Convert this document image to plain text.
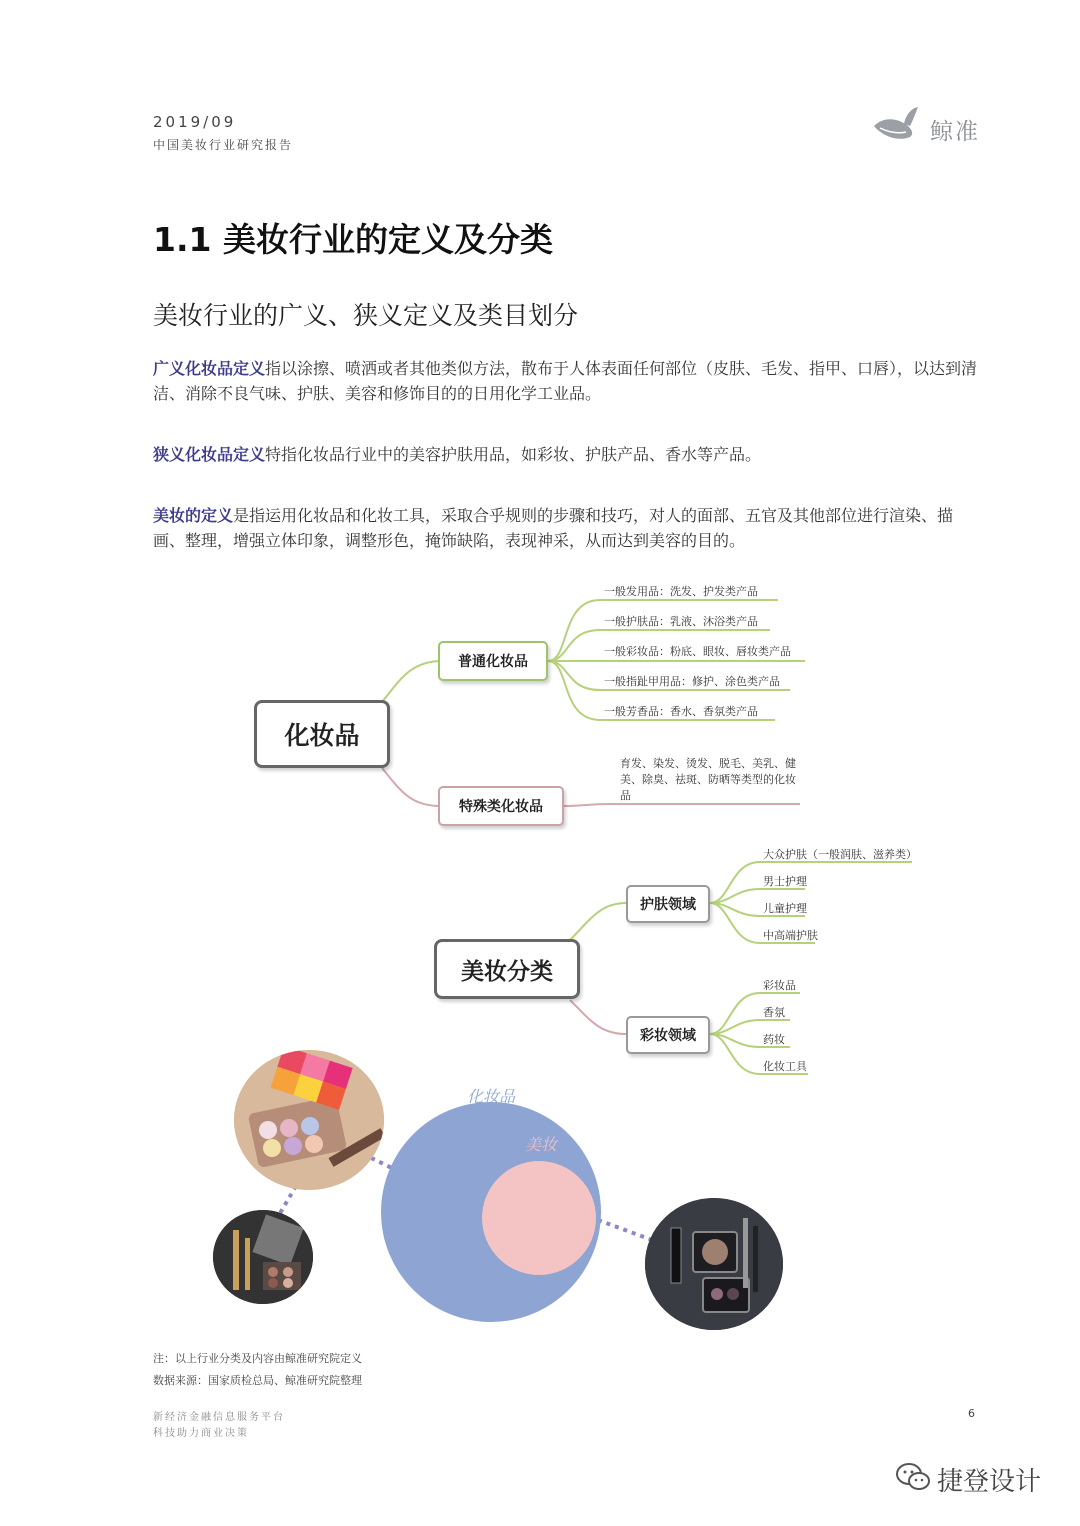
2019/09
中国美妆行业研究报告	鲸准
1.1 美妆行业的定义及分类
美妆行业的广义、狭义定义及类目划分
广义化妆品定义指以涂擦、喷洒或者其他类似方法，散布于人体表面任何部位（皮肤、毛发、指甲、口唇），以达到清洁、消除不良气味、护肤、美容和修饰目的的日用化学工业品。
狭义化妆品定义特指化妆品行业中的美容护肤用品，如彩妆、护肤产品、香水等产品。
美妆的定义是指运用化妆品和化妆工具，采取合乎规则的步骤和技巧，对人的面部、五官及其他部位进行渲染、描画、整理，增强立体印象，调整形色，掩饰缺陷，表现神采，从而达到美容的目的。
化妆品
普通化妆品
特殊类化妆品
一般发用品：洗发、护发类产品
一般护肤品：乳液、沐浴类产品
一般彩妆品：粉底、眼妆、唇妆类产品
一般指趾甲用品：修护、涂色类产品
一般芳香品：香水、香氛类产品
育发、染发、烫发、脱毛、美乳、健美、除臭、祛斑、防晒等类型的化妆品
美妆分类
护肤领域
彩妆领域
大众护肤（一般润肤、滋养类）
男士护理
儿童护理
中高端护肤
彩妆品
香氛
药妆
化妆工具
化妆品
美妆
注：以上行业分类及内容由鲸准研究院定义
数据来源：国家质检总局、鲸准研究院整理
新经济金融信息服务平台
科技助力商业决策
6
捷登设计
